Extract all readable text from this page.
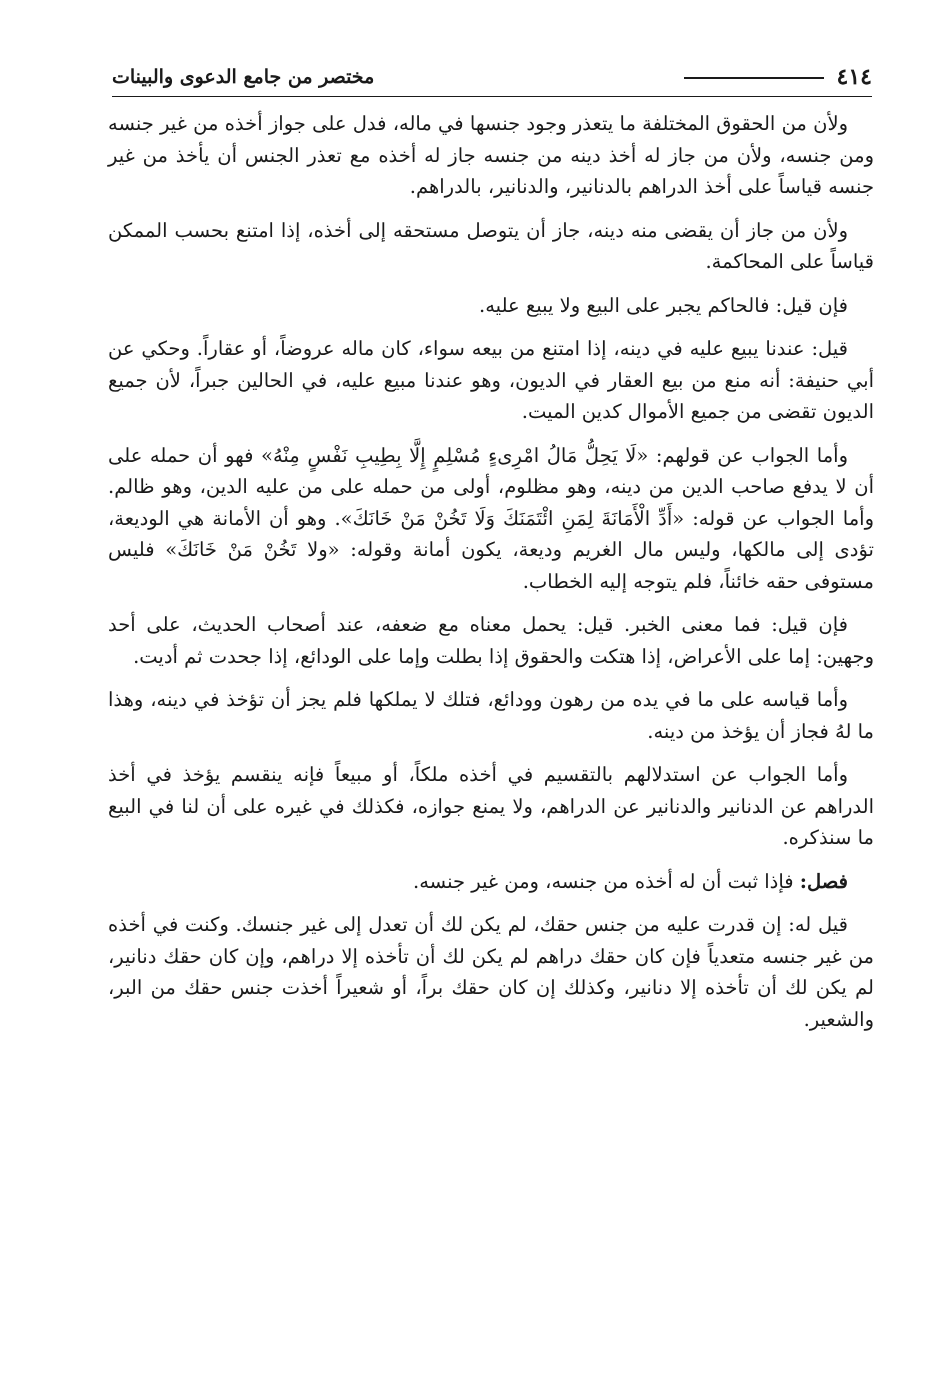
٤١٤
مختصر من جامع الدعوى والبينات

ولأن من الحقوق المختلفة ما يتعذر وجود جنسها في ماله، فدل على جواز أخذه من غير جنسه ومن جنسه، ولأن من جاز له أخذ دينه من جنسه جاز له أخذه مع تعذر الجنس أن يأخذ من غير جنسه قياساً على أخذ الدراهم بالدنانير، والدنانير، بالدراهم.

ولأن من جاز أن يقضى منه دينه، جاز أن يتوصل مستحقه إلى أخذه، إذا امتنع بحسب الممكن قياساً على المحاكمة.

فإن قيل: فالحاكم يجبر على البيع ولا يبيع عليه.

قيل: عندنا يبيع عليه في دينه، إذا امتنع من بيعه سواء، كان ماله عروضاً، أو عقاراً. وحكي عن أبي حنيفة: أنه منع من بيع العقار في الديون، وهو عندنا مبيع عليه، في الحالين جبراً، لأن جميع الديون تقضى من جميع الأموال كدين الميت.

وأما الجواب عن قولهم: «لَا يَحِلُّ مَالُ امْرِىءٍ مُسْلِمٍ إِلَّا بِطِيبِ نَفْسٍ مِنْهُ» فهو أن حمله على أن لا يدفع صاحب الدين من دينه، وهو مظلوم، أولى من حمله على من عليه الدين، وهو ظالم. وأما الجواب عن قوله: «أَدِّ الْأَمَانَةَ لِمَنِ ائْتَمَنَكَ وَلَا تَخُنْ مَنْ خَانَكَ». وهو أن الأمانة هي الوديعة، تؤدى إلى مالكها، وليس مال الغريم وديعة، يكون أمانة وقوله: «ولا تَخُنْ مَنْ خَانَكَ» فليس مستوفى حقه خائناً، فلم يتوجه إليه الخطاب.

فإن قيل: فما معنى الخبر. قيل: يحمل معناه مع ضعفه، عند أصحاب الحديث، على أحد وجهين: إما على الأعراض، إذا هتكت والحقوق إذا بطلت وإما على الودائع، إذا جحدت ثم أديت.

وأما قياسه على ما في يده من رهون وودائع، فتلك لا يملكها فلم يجز أن تؤخذ في دينه، وهذا ما لهُ فجاز أن يؤخذ من دينه.

وأما الجواب عن استدلالهم بالتقسيم في أخذه ملكاً، أو مبيعاً فإنه ينقسم يؤخذ في أخذ الدراهم عن الدنانير والدنانير عن الدراهم، ولا يمنع جوازه، فكذلك في غيره على أن لنا في البيع ما سنذكره.

فصل: فإذا ثبت أن له أخذه من جنسه، ومن غير جنسه.

قيل له: إن قدرت عليه من جنس حقك، لم يكن لك أن تعدل إلى غير جنسك. وكنت في أخذه من غير جنسه متعدياً فإن كان حقك دراهم لم يكن لك أن تأخذه إلا دراهم، وإن كان حقك دنانير، لم يكن لك أن تأخذه إلا دنانير، وكذلك إن كان حقك براً، أو شعيراً أخذت جنس حقك من البر، والشعير.
